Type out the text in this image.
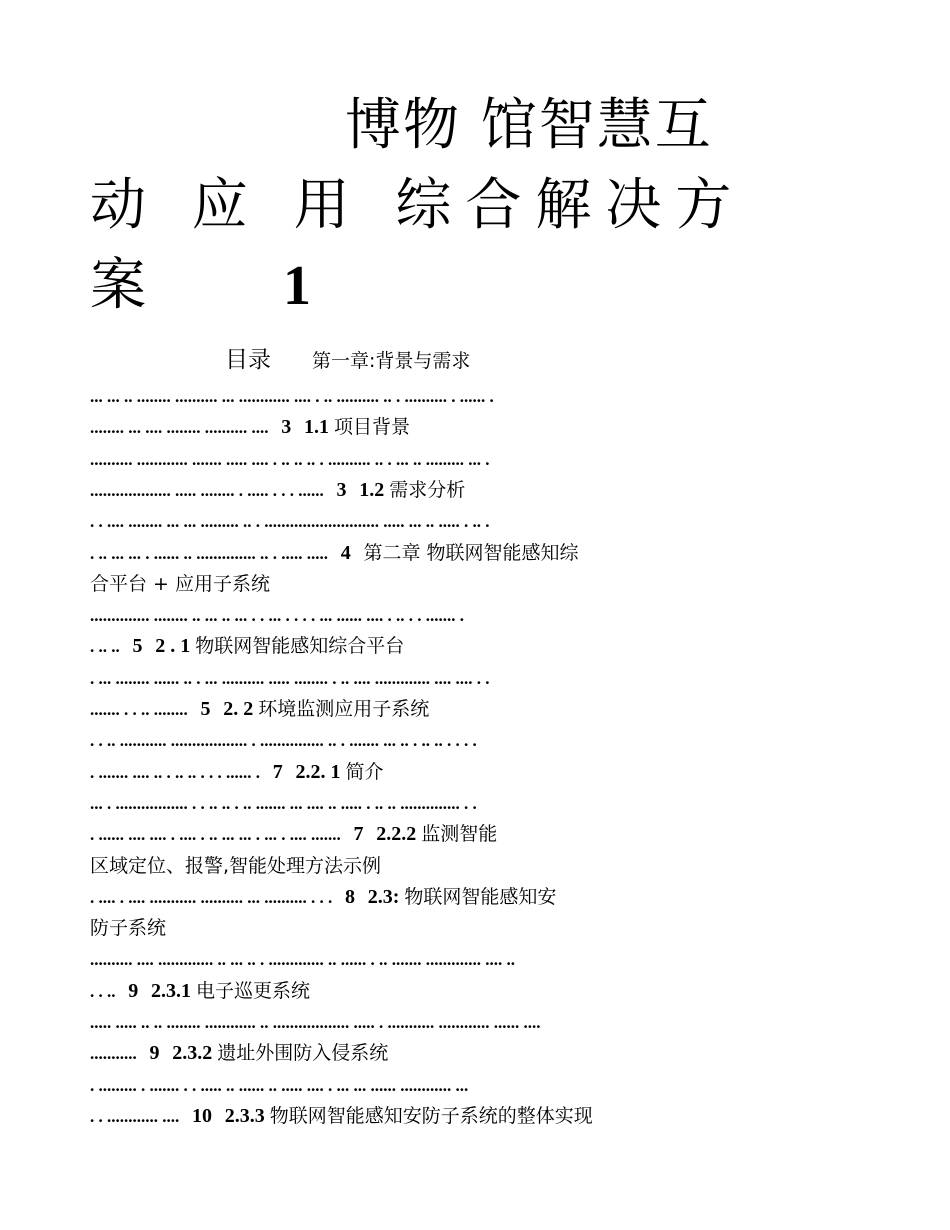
博物 馆智慧互
动 应 用 综合解决方
案 1
目录 第一章:背景与需求
... ... .. ........ .......... ... ............ .... . .. .......... .. . .......... . ...... .
........ ... .... ........ .......... .... 3 1.1 项目背景
.......... ............ ....... ..... .... . .. .. .. . .......... .. . ... .. ......... ... .
................... ..... ........ . ..... . . . ...... 3 1.2 需求分析
. . .... ........ ... ... ......... .. . ........................... ..... ... .. ..... . .. .
. .. ... ... . ...... .. .............. .. . ..... ..... 4 第二章 物联网智能感知综
合平台 + 应用子系统
.............. ........ .. ... .. ... . . ... . . . . ... ...... .... . .. . . ....... .
. .. .. 5 2 . 1 物联网智能感知综合平台
. ... ........ ...... .. . ... .......... ..... ........ . .. .... ............. .... .... . .
....... . . .. ........ 5 2. 2 环境监测应用子系统
. . .. ........... .................. . ............... .. . ....... ... .. . .. .. . . . .
. ....... .... .. . .. .. . . . ...... . 7 2.2. 1 简介
... . ................. . . .. .. . .. ....... ... .... .. ..... . .. .. .............. . .
. ...... .... .... . .... . .. ... ... . ... . .... ....... 7 2.2.2 监测智能
区域定位、报警,智能处理方法示例
. .... . .... ........... .......... ... .......... . . . 8 2.3: 物联网智能感知安
防子系统
.......... .... ............. .. ... .. . ............. .. ...... . .. ....... ............. .... ..
. . .. 9 2.3.1 电子巡更系统
..... ..... .. .. ........ ............ .. .................. ..... . ........... ............ ...... ....
........... 9 2.3.2 遗址外围防入侵系统
. ......... . ....... . . ..... .. ...... .. ..... .... . ... ... ...... ............ ...
. . ............ .... 10 2.3.3 物联网智能感知安防子系统的整体实现
